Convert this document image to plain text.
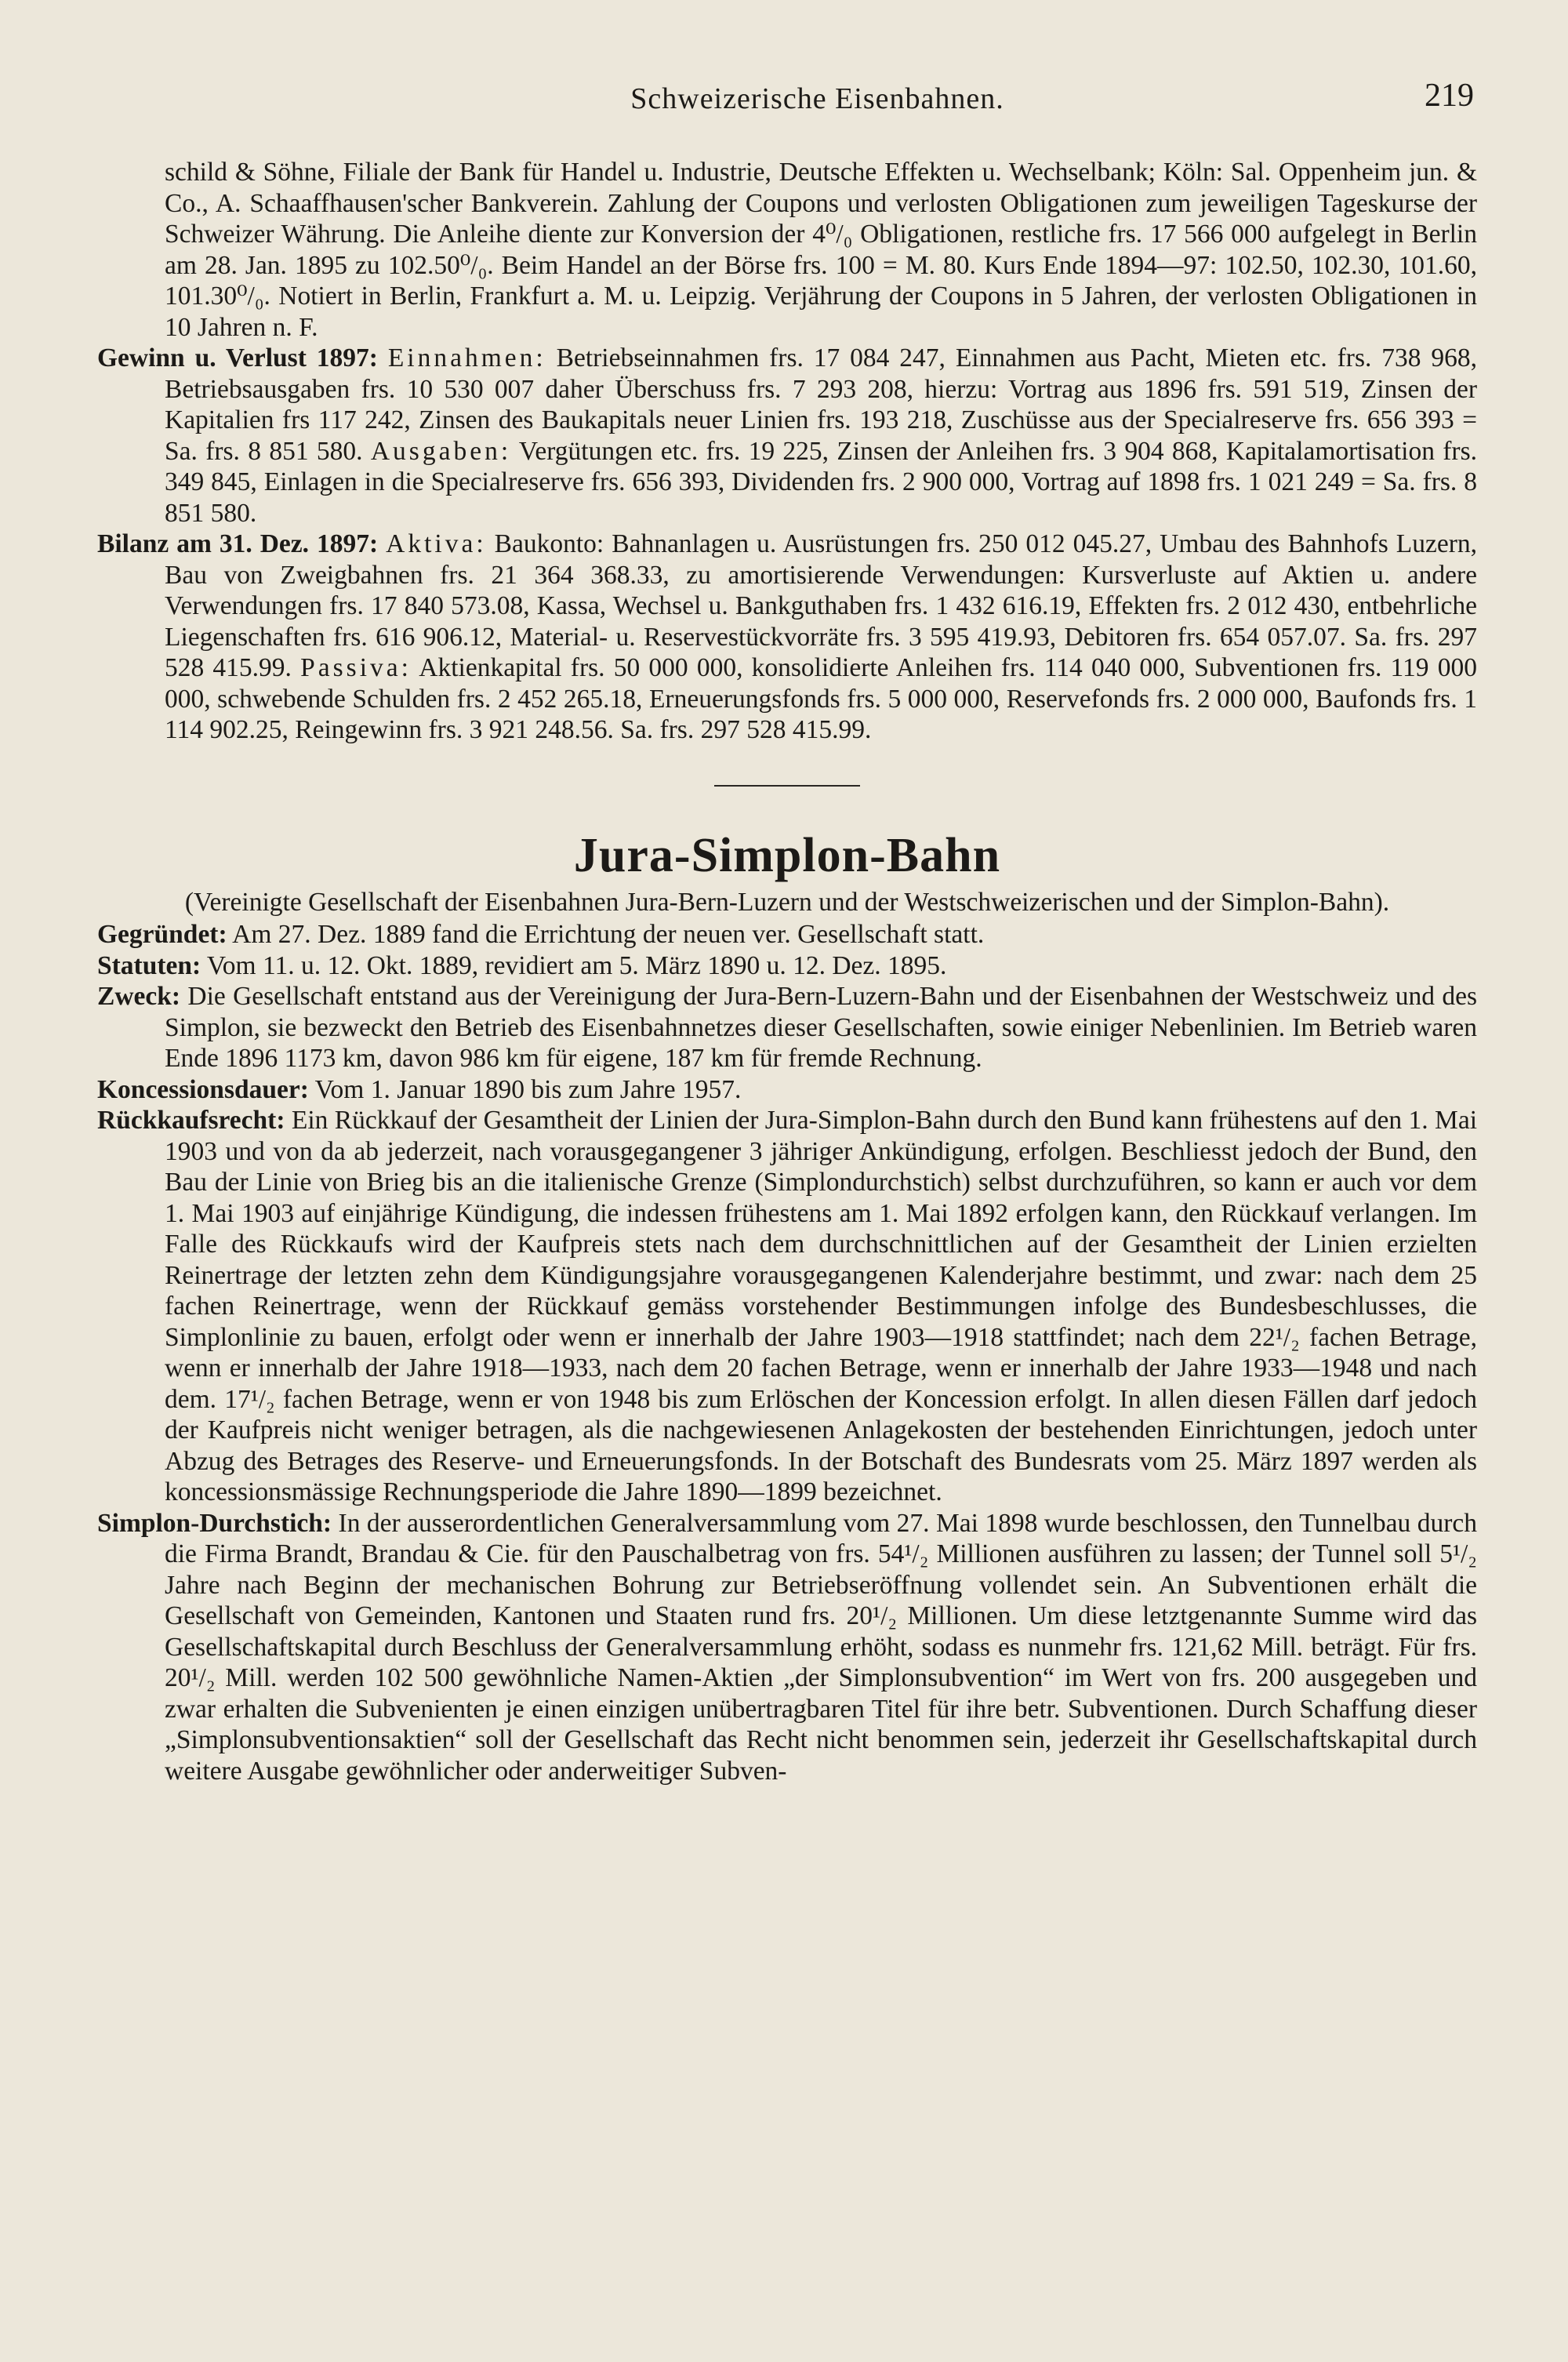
Schweizerische Eisenbahnen.	219

schild & Söhne, Filiale der Bank für Handel u. Industrie, Deutsche Effekten u. Wechselbank; Köln: Sal. Oppenheim jun. & Co., A. Schaaffhausen'scher Bankverein. Zahlung der Coupons und verlosten Obligationen zum jeweiligen Tageskurse der Schweizer Währung. Die Anleihe diente zur Konversion der 4⁰/₀ Obligationen, restliche frs. 17 566 000 aufgelegt in Berlin am 28. Jan. 1895 zu 102.50⁰/₀. Beim Handel an der Börse frs. 100 = M. 80. Kurs Ende 1894—97: 102.50, 102.30, 101.60, 101.30⁰/₀. Notiert in Berlin, Frankfurt a. M. u. Leipzig. Verjährung der Coupons in 5 Jahren, der verlosten Obligationen in 10 Jahren n. F.

Gewinn u. Verlust 1897: Einnahmen: Betriebseinnahmen frs. 17 084 247, Einnahmen aus Pacht, Mieten etc. frs. 738 968, Betriebsausgaben frs. 10 530 007 daher Überschuss frs. 7 293 208, hierzu: Vortrag aus 1896 frs. 591 519, Zinsen der Kapitalien frs 117 242, Zinsen des Baukapitals neuer Linien frs. 193 218, Zuschüsse aus der Specialreserve frs. 656 393 = Sa. frs. 8 851 580. Ausgaben: Vergütungen etc. frs. 19 225, Zinsen der Anleihen frs. 3 904 868, Kapitalamortisation frs. 349 845, Einlagen in die Specialreserve frs. 656 393, Dividenden frs. 2 900 000, Vortrag auf 1898 frs. 1 021 249 = Sa. frs. 8 851 580.

Bilanz am 31. Dez. 1897: Aktiva: Baukonto: Bahnanlagen u. Ausrüstungen frs. 250 012 045.27, Umbau des Bahnhofs Luzern, Bau von Zweigbahnen frs. 21 364 368.33, zu amortisierende Verwendungen: Kursverluste auf Aktien u. andere Verwendungen frs. 17 840 573.08, Kassa, Wechsel u. Bankguthaben frs. 1 432 616.19, Effekten frs. 2 012 430, entbehrliche Liegenschaften frs. 616 906.12, Material- u. Reservestückvorräte frs. 3 595 419.93, Debitoren frs. 654 057.07. Sa. frs. 297 528 415.99. Passiva: Aktienkapital frs. 50 000 000, konsolidierte Anleihen frs. 114 040 000, Subventionen frs. 119 000 000, schwebende Schulden frs. 2 452 265.18, Erneuerungsfonds frs. 5 000 000, Reservefonds frs. 2 000 000, Baufonds frs. 1 114 902.25, Reingewinn frs. 3 921 248.56. Sa. frs. 297 528 415.99.

Jura-Simplon-Bahn

(Vereinigte Gesellschaft der Eisenbahnen Jura-Bern-Luzern und der Westschweizerischen und der Simplon-Bahn).

Gegründet: Am 27. Dez. 1889 fand die Errichtung der neuen ver. Gesellschaft statt.

Statuten: Vom 11. u. 12. Okt. 1889, revidiert am 5. März 1890 u. 12. Dez. 1895.

Zweck: Die Gesellschaft entstand aus der Vereinigung der Jura-Bern-Luzern-Bahn und der Eisenbahnen der Westschweiz und des Simplon, sie bezweckt den Betrieb des Eisenbahnnetzes dieser Gesellschaften, sowie einiger Nebenlinien. Im Betrieb waren Ende 1896 1173 km, davon 986 km für eigene, 187 km für fremde Rechnung.

Koncessionsdauer: Vom 1. Januar 1890 bis zum Jahre 1957.

Rückkaufsrecht: Ein Rückkauf der Gesamtheit der Linien der Jura-Simplon-Bahn durch den Bund kann frühestens auf den 1. Mai 1903 und von da ab jederzeit, nach vorausgegangener 3 jähriger Ankündigung, erfolgen. Beschliesst jedoch der Bund, den Bau der Linie von Brieg bis an die italienische Grenze (Simplondurchstich) selbst durchzuführen, so kann er auch vor dem 1. Mai 1903 auf einjährige Kündigung, die indessen frühestens am 1. Mai 1892 erfolgen kann, den Rückkauf verlangen. Im Falle des Rückkaufs wird der Kaufpreis stets nach dem durchschnittlichen auf der Gesamtheit der Linien erzielten Reinertrage der letzten zehn dem Kündigungsjahre vorausgegangenen Kalenderjahre bestimmt, und zwar: nach dem 25 fachen Reinertrage, wenn der Rückkauf gemäss vorstehender Bestimmungen infolge des Bundesbeschlusses, die Simplonlinie zu bauen, erfolgt oder wenn er innerhalb der Jahre 1903—1918 stattfindet; nach dem 22¹/₂ fachen Betrage, wenn er innerhalb der Jahre 1918—1933, nach dem 20 fachen Betrage, wenn er innerhalb der Jahre 1933—1948 und nach dem. 17¹/₂ fachen Betrage, wenn er von 1948 bis zum Erlöschen der Koncession erfolgt. In allen diesen Fällen darf jedoch der Kaufpreis nicht weniger betragen, als die nachgewiesenen Anlagekosten der bestehenden Einrichtungen, jedoch unter Abzug des Betrages des Reserve- und Erneuerungsfonds. In der Botschaft des Bundesrats vom 25. März 1897 werden als koncessionsmässige Rechnungsperiode die Jahre 1890—1899 bezeichnet.

Simplon-Durchstich: In der ausserordentlichen Generalversammlung vom 27. Mai 1898 wurde beschlossen, den Tunnelbau durch die Firma Brandt, Brandau & Cie. für den Pauschalbetrag von frs. 54¹/₂ Millionen ausführen zu lassen; der Tunnel soll 5¹/₂ Jahre nach Beginn der mechanischen Bohrung zur Betriebseröffnung vollendet sein. An Subventionen erhält die Gesellschaft von Gemeinden, Kantonen und Staaten rund frs. 20¹/₂ Millionen. Um diese letztgenannte Summe wird das Gesellschaftskapital durch Beschluss der Generalversammlung erhöht, sodass es nunmehr frs. 121,62 Mill. beträgt. Für frs. 20¹/₂ Mill. werden 102 500 gewöhnliche Namen-Aktien „der Simplonsubvention“ im Wert von frs. 200 ausgegeben und zwar erhalten die Subvenienten je einen einzigen unübertragbaren Titel für ihre betr. Subventionen. Durch Schaffung dieser „Simplonsubventionsaktien“ soll der Gesellschaft das Recht nicht benommen sein, jederzeit ihr Gesellschaftskapital durch weitere Ausgabe gewöhnlicher oder anderweitiger Subven-
